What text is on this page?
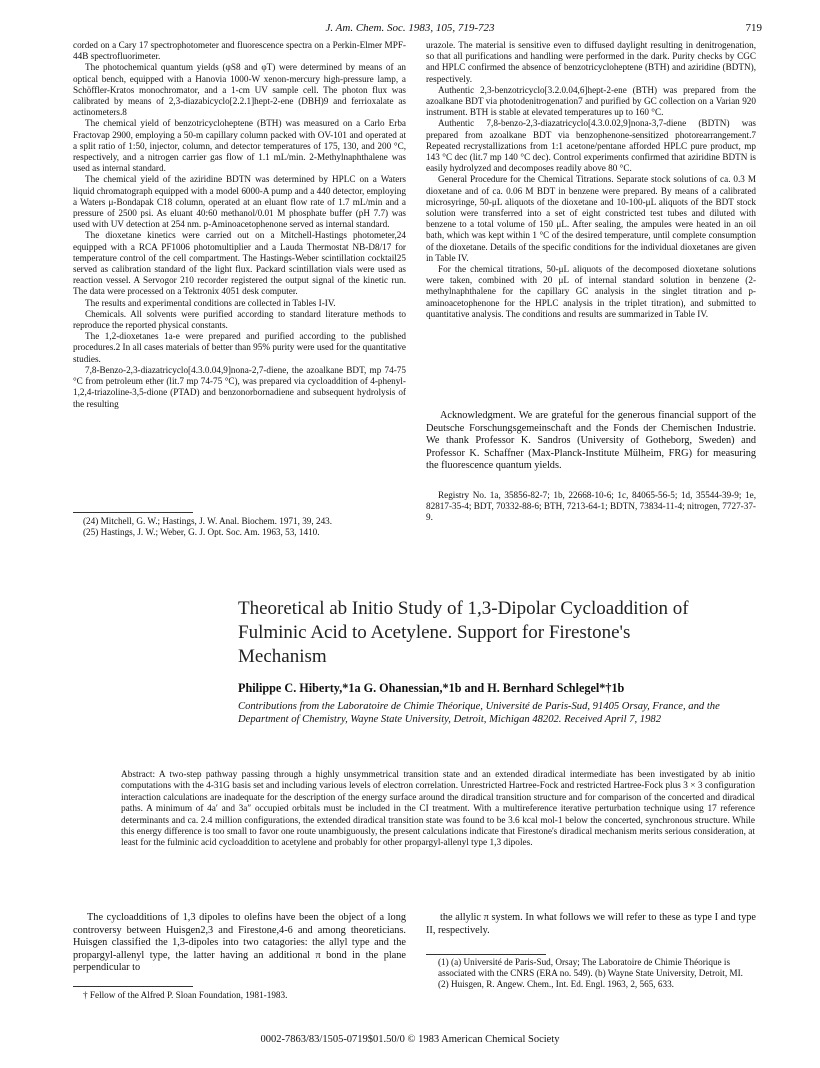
J. Am. Chem. Soc. 1983, 105, 719-723	719

corded on a Cary 17 spectrophotometer and fluorescence spectra on a Perkin-Elmer MPF-44B spectrofluorimeter.

The photochemical quantum yields (φS8 and φT) were determined by means of an optical bench, equipped with a Hanovia 1000-W xenon-mercury high-pressure lamp, a Schöffler-Kratos monochromator, and a 1-cm UV sample cell. The photon flux was calibrated by means of 2,3-diazabicyclo[2.2.1]hept-2-ene (DBH)9 and ferrioxalate as actinometers.8

The chemical yield of benzotricycloheptene (BTH) was measured on a Carlo Erba Fractovap 2900, employing a 50-m capillary column packed with OV-101 and operated at a split ratio of 1:50, injector, column, and detector temperatures of 175, 130, and 200 °C, respectively, and a nitrogen carrier gas flow of 1.1 mL/min. 2-Methylnaphthalene was used as internal standard.

The chemical yield of the aziridine BDTN was determined by HPLC on a Waters liquid chromatograph equipped with a model 6000-A pump and a 440 detector, employing a Waters μ-Bondapak C18 column, operated at an eluant flow rate of 1.7 mL/min and a pressure of 2500 psi. As eluant 40:60 methanol/0.01 M phosphate buffer (pH 7.7) was used with UV detection at 254 nm. p-Aminoacetophenone served as internal standard.

The dioxetane kinetics were carried out on a Mitchell-Hastings photometer,24 equipped with a RCA PF1006 photomultiplier and a Lauda Thermostat NB-D8/17 for temperature control of the cell compartment. The Hastings-Weber scintillation cocktail25 served as calibration standard of the light flux. Packard scintillation vials were used as reaction vessel. A Servogor 210 recorder registered the output signal of the kinetic run. The data were processed on a Tektronix 4051 desk computer.

The results and experimental conditions are collected in Tables I-IV.

Chemicals. All solvents were purified according to standard literature methods to reproduce the reported physical constants.

The 1,2-dioxetanes 1a-e were prepared and purified according to the published procedures.2 In all cases materials of better than 95% purity were used for the quantitative studies.

7,8-Benzo-2,3-diazatricyclo[4.3.0.04,9]nona-2,7-diene, the azoalkane BDT, mp 74-75 °C from petroleum ether (lit.7 mp 74-75 °C), was prepared via cycloaddition of 4-phenyl-1,2,4-triazoline-3,5-dione (PTAD) and benzonorbornadiene and subsequent hydrolysis of the resulting

(24) Mitchell, G. W.; Hastings, J. W. Anal. Biochem. 1971, 39, 243.
(25) Hastings, J. W.; Weber, G. J. Opt. Soc. Am. 1963, 53, 1410.

urazole. The material is sensitive even to diffused daylight resulting in denitrogenation, so that all purifications and handling were performed in the dark. Purity checks by CGC and HPLC confirmed the absence of benzotricycloheptene (BTH) and aziridine (BDTN), respectively.

Authentic 2,3-benzotricyclo[3.2.0.04,6]hept-2-ene (BTH) was prepared from the azoalkane BDT via photodenitrogenation7 and purified by GC collection on a Varian 920 instrument. BTH is stable at elevated temperatures up to 160 °C.

Authentic 7,8-benzo-2,3-diazatricyclo[4.3.0.02,9]nona-3,7-diene (BDTN) was prepared from azoalkane BDT via benzophenone-sensitized photorearrangement.7 Repeated recrystallizations from 1:1 acetone/pentane afforded HPLC pure product, mp 143 °C dec (lit.7 mp 140 °C dec). Control experiments confirmed that aziridine BDTN is easily hydrolyzed and decomposes readily above 80 °C.

General Procedure for the Chemical Titrations. Separate stock solutions of ca. 0.3 M dioxetane and of ca. 0.06 M BDT in benzene were prepared. By means of a calibrated microsyringe, 50-μL aliquots of the dioxetane and 10-100-μL aliquots of the BDT stock solution were transferred into a set of eight constricted test tubes and diluted with benzene to a total volume of 150 μL. After sealing, the ampules were heated in an oil bath, which was kept within 1 °C of the desired temperature, until complete consumption of the dioxetane. Details of the specific conditions for the individual dioxetanes are given in Table IV.

For the chemical titrations, 50-μL aliquots of the decomposed dioxetane solutions were taken, combined with 20 μL of internal standard solution in benzene (2-methylnaphthalene for the capillary GC analysis in the singlet titration and p-aminoacetophenone for the HPLC analysis in the triplet titration), and submitted to quantitative analysis. The conditions and results are summarized in Table IV.

Acknowledgment. We are grateful for the generous financial support of the Deutsche Forschungsgemeinschaft and the Fonds der Chemischen Industrie. We thank Professor K. Sandros (University of Gotheborg, Sweden) and Professor K. Schaffner (Max-Planck-Institute Mülheim, FRG) for measuring the fluorescence quantum yields.
Registry No. 1a, 35856-82-7; 1b, 22668-10-6; 1c, 84065-56-5; 1d, 35544-39-9; 1e, 82817-35-4; BDT, 70332-88-6; BTH, 7213-64-1; BDTN, 73834-11-4; nitrogen, 7727-37-9.
Theoretical ab Initio Study of 1,3-Dipolar Cycloaddition of
Fulminic Acid to Acetylene. Support for Firestone's
Mechanism
Philippe C. Hiberty,*1a G. Ohanessian,*1b and H. Bernhard Schlegel*†1b
Contributions from the Laboratoire de Chimie Théorique, Université de Paris-Sud, 91405 Orsay, France, and the Department of Chemistry, Wayne State University, Detroit, Michigan 48202. Received April 7, 1982
Abstract: A two-step pathway passing through a highly unsymmetrical transition state and an extended diradical intermediate has been investigated by ab initio computations with the 4-31G basis set and including various levels of electron correlation. Unrestricted Hartree-Fock and restricted Hartree-Fock plus 3 × 3 configuration interaction calculations are inadequate for the description of the energy surface around the diradical transition structure and for comparison of the concerted and diradical paths. A minimum of 4a′ and 3a″ occupied orbitals must be included in the CI treatment. With a multireference iterative perturbation technique using 17 reference determinants and ca. 2.4 million configurations, the extended diradical transition state was found to be 3.6 kcal mol-1 below the concerted, synchronous structure. While this energy difference is too small to favor one route unambiguously, the present calculations indicate that Firestone's diradical mechanism merits serious consideration, at least for the fulminic acid cycloaddition to acetylene and probably for other propargyl-allenyl type 1,3 dipoles.

The cycloadditions of 1,3 dipoles to olefins have been the object of a long controversy between Huisgen2,3 and Firestone,4-6 and among theoreticians. Huisgen classified the 1,3-dipoles into two catagories: the allyl type and the propargyl-allenyl type, the latter having an additional π bond in the plane perpendicular to

† Fellow of the Alfred P. Sloan Foundation, 1981-1983.

the allylic π system. In what follows we will refer to these as type I and type II, respectively.

(1) (a) Université de Paris-Sud, Orsay; The Laboratoire de Chimie Théorique is associated with the CNRS (ERA no. 549). (b) Wayne State University, Detroit, MI.
(2) Huisgen, R. Angew. Chem., Int. Ed. Engl. 1963, 2, 565, 633.
0002-7863/83/1505-0719$01.50/0 © 1983 American Chemical Society
